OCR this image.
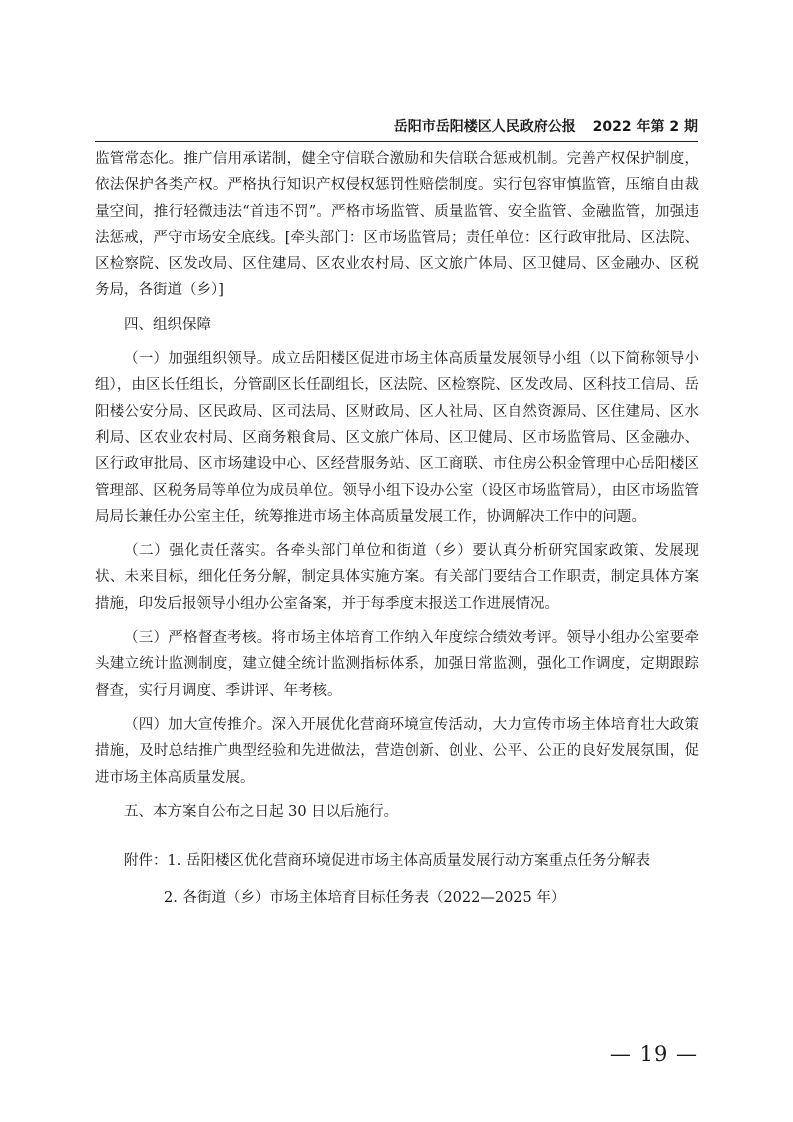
岳阳市岳阳楼区人民政府公报 2022 年第 2 期

监管常态化。推广信用承诺制，健全守信联合激励和失信联合惩戒机制。完善产权保护制度，依法保护各类产权。严格执行知识产权侵权惩罚性赔偿制度。实行包容审慎监管，压缩自由裁量空间，推行轻微违法“首违不罚”。严格市场监管、质量监管、安全监管、金融监管，加强违法惩戒，严守市场安全底线。[牵头部门：区市场监管局；责任单位：区行政审批局、区法院、区检察院、区发改局、区住建局、区农业农村局、区文旅广体局、区卫健局、区金融办、区税务局，各街道（乡）]

四、组织保障

（一）加强组织领导。成立岳阳楼区促进市场主体高质量发展领导小组（以下简称领导小组），由区长任组长，分管副区长任副组长，区法院、区检察院、区发改局、区科技工信局、岳阳楼公安分局、区民政局、区司法局、区财政局、区人社局、区自然资源局、区住建局、区水利局、区农业农村局、区商务粮食局、区文旅广体局、区卫健局、区市场监管局、区金融办、区行政审批局、区市场建设中心、区经营服务站、区工商联、市住房公积金管理中心岳阳楼区管理部、区税务局等单位为成员单位。领导小组下设办公室（设区市场监管局），由区市场监管局局长兼任办公室主任，统筹推进市场主体高质量发展工作，协调解决工作中的问题。

（二）强化责任落实。各牵头部门单位和街道（乡）要认真分析研究国家政策、发展现状、未来目标，细化任务分解，制定具体实施方案。有关部门要结合工作职责，制定具体方案措施，印发后报领导小组办公室备案，并于每季度末报送工作进展情况。

（三）严格督查考核。将市场主体培育工作纳入年度综合绩效考评。领导小组办公室要牵头建立统计监测制度，建立健全统计监测指标体系，加强日常监测，强化工作调度，定期跟踪督查，实行月调度、季讲评、年考核。

（四）加大宣传推介。深入开展优化营商环境宣传活动，大力宣传市场主体培育壮大政策措施，及时总结推广典型经验和先进做法，营造创新、创业、公平、公正的良好发展氛围，促进市场主体高质量发展。

五、本方案自公布之日起 30 日以后施行。

附件：1. 岳阳楼区优化营商环境促进市场主体高质量发展行动方案重点任务分解表
2. 各街道（乡）市场主体培育目标任务表（2022—2025 年）
— 19 —
